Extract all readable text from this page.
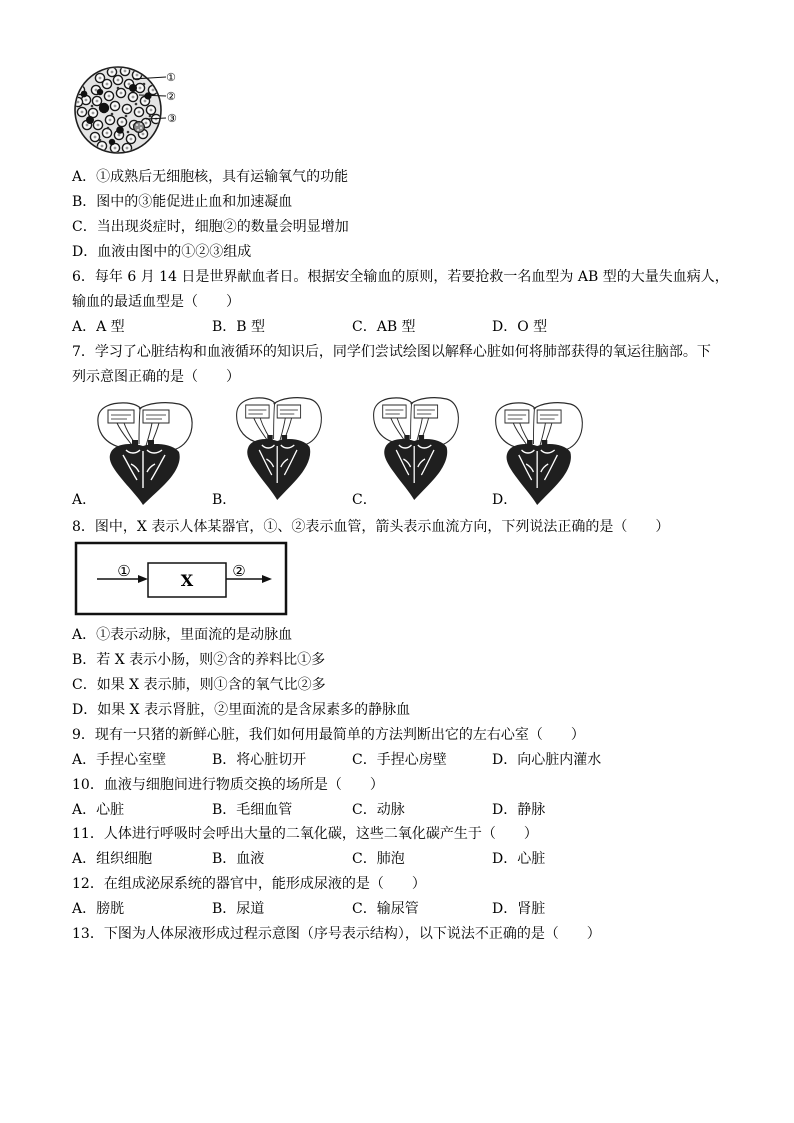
①
②
③
①	X	②
A．①成熟后无细胞核，具有运输氧气的功能
B．图中的③能促进止血和加速凝血
C．当出现炎症时，细胞②的数量会明显增加
D．血液由图中的①②③组成
6．每年 6 月 14 日是世界献血者日。根据安全输血的原则，若要抢救一名血型为 AB 型的大量失血病人，
输血的最适血型是（　　）
A．A 型	B．B 型	C．AB 型	D．O 型
7．学习了心脏结构和血液循环的知识后，同学们尝试绘图以解释心脏如何将肺部获得的氧运往脑部。下
列示意图正确的是（　　）
A．	B．	C．	D．
8．图中，X 表示人体某器官，①、②表示血管，箭头表示血流方向，下列说法正确的是（　　）
A．①表示动脉，里面流的是动脉血
B．若 X 表示小肠，则②含的养料比①多
C．如果 X 表示肺，则①含的氧气比②多
D．如果 X 表示肾脏，②里面流的是含尿素多的静脉血
9．现有一只猪的新鲜心脏，我们如何用最简单的方法判断出它的左右心室（　　）
A．手捏心室壁	B．将心脏切开	C．手捏心房壁	D．向心脏内灌水
10．血液与细胞间进行物质交换的场所是（　　）
A．心脏	B．毛细血管	C．动脉	D．静脉
11．人体进行呼吸时会呼出大量的二氧化碳，这些二氧化碳产生于（　　）
A．组织细胞	B．血液	C．肺泡	D．心脏
12．在组成泌尿系统的器官中，能形成尿液的是（　　）
A．膀胱	B．尿道	C．输尿管	D．肾脏
13．下图为人体尿液形成过程示意图（序号表示结构），以下说法不正确的是（　　）
